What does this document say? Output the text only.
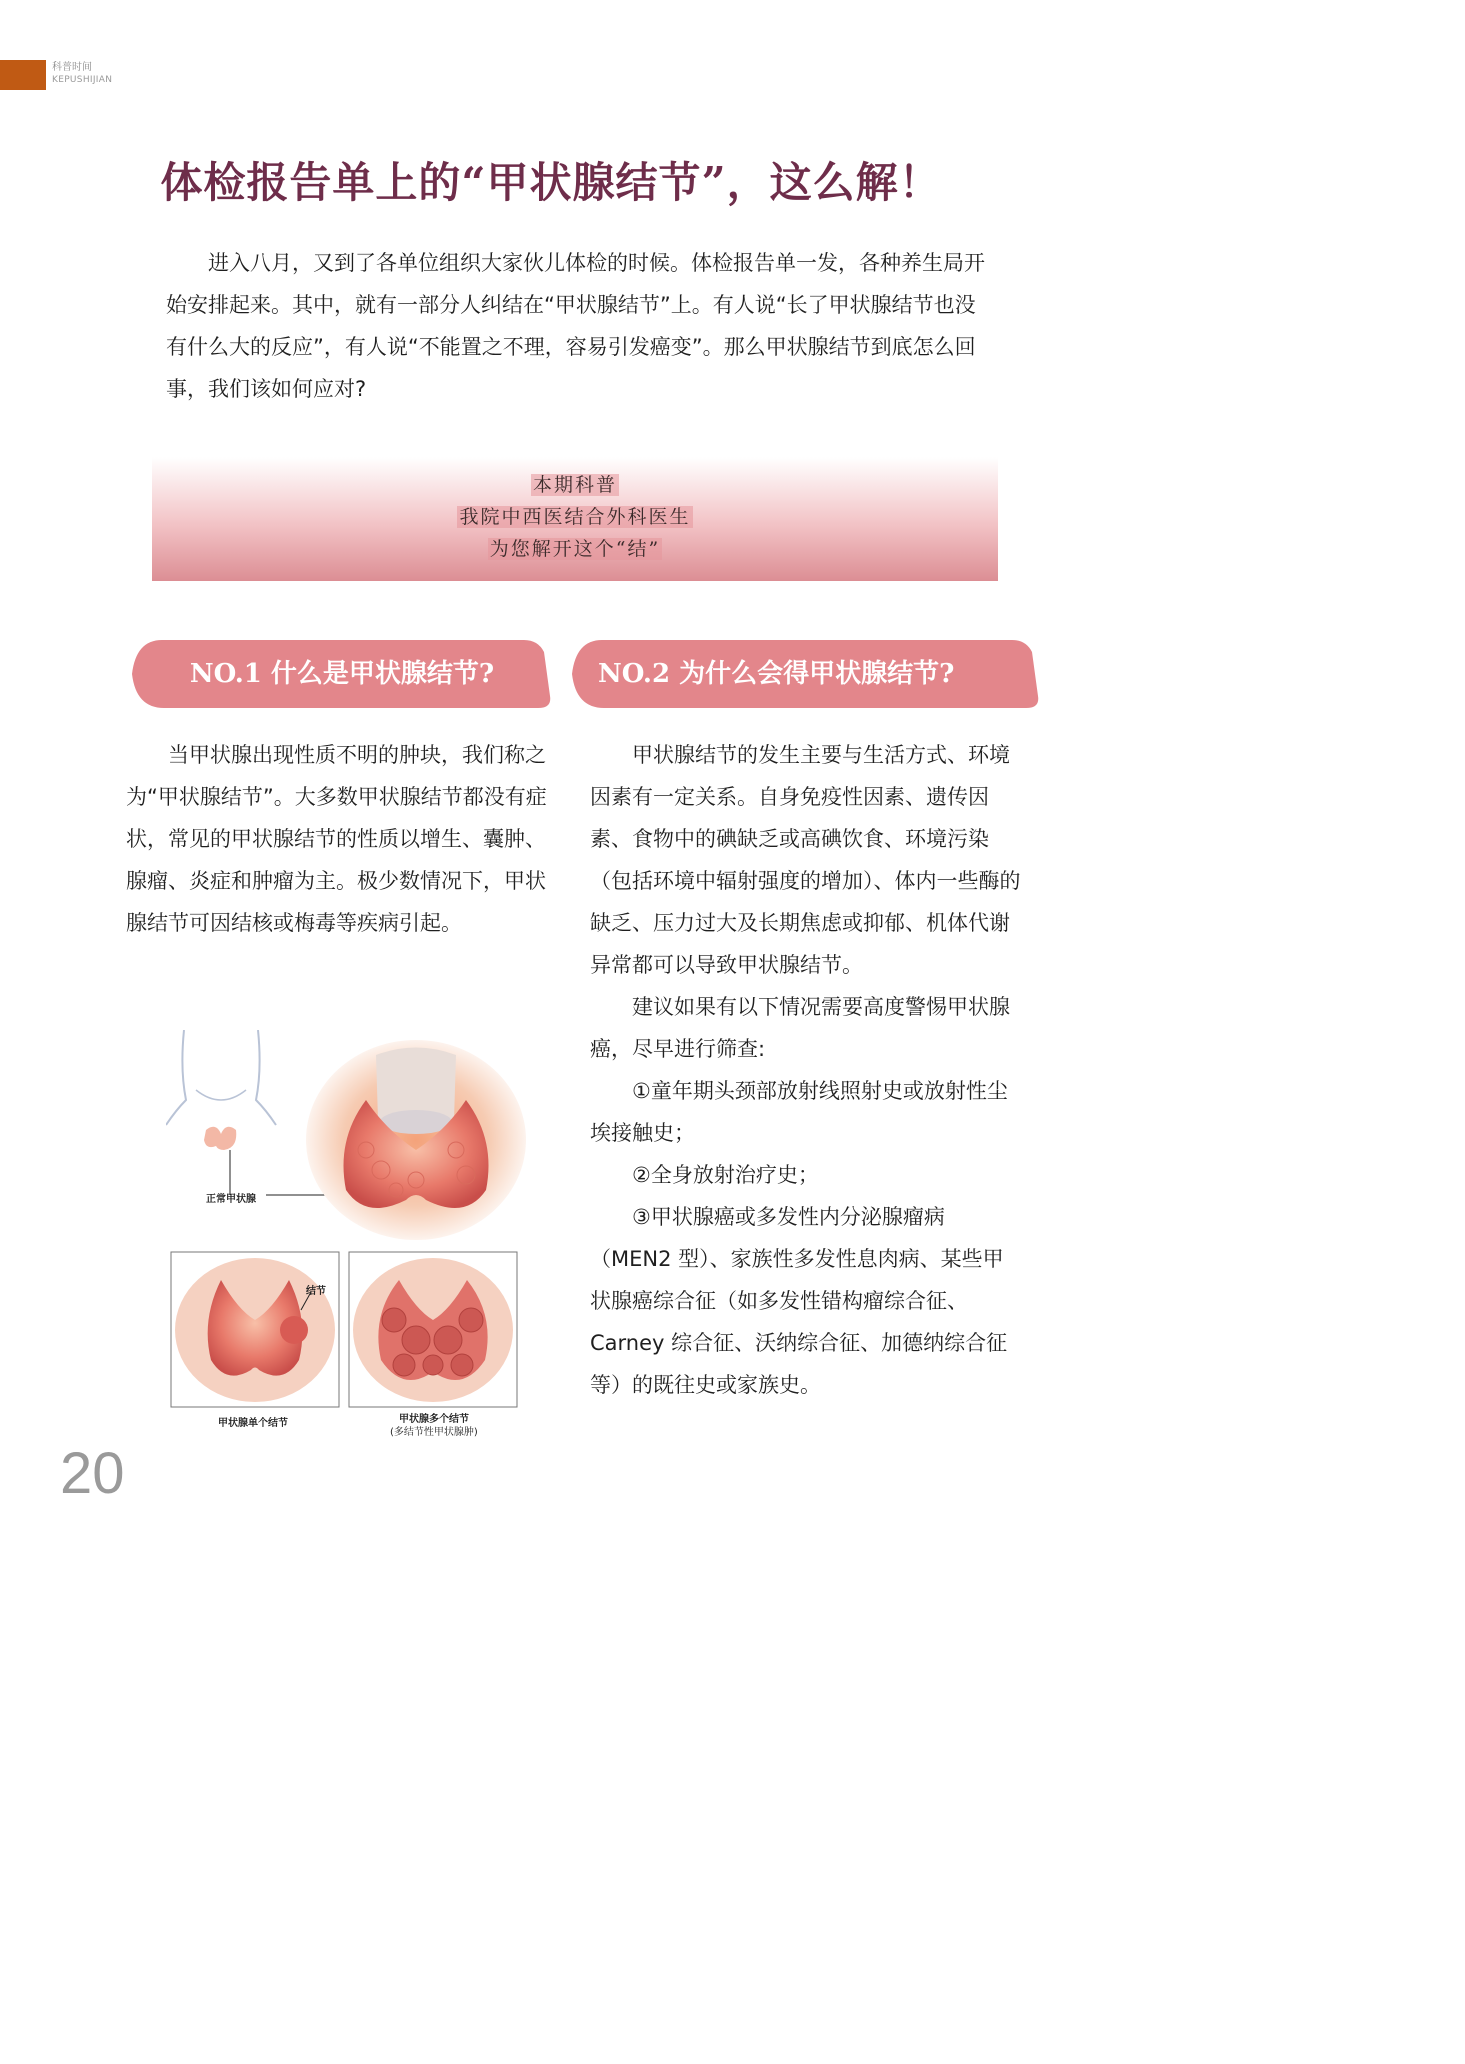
科普时间
KEPUSHIJIAN
体检报告单上的“甲状腺结节”，这么解！

进入八月，又到了各单位组织大家伙儿体检的时候。体检报告单一发，各种养生局开始安排起来。其中，就有一部分人纠结在“甲状腺结节”上。有人说“长了甲状腺结节也没有什么大的反应”，有人说“不能置之不理，容易引发癌变”。那么甲状腺结节到底怎么回事，我们该如何应对?

本期科普
我院中西医结合外科医生
为您解开这个“结”
NO.1 什么是甲状腺结节?	NO.2 为什么会得甲状腺结节?

当甲状腺出现性质不明的肿块，我们称之为“甲状腺结节”。大多数甲状腺结节都没有症状，常见的甲状腺结节的性质以增生、囊肿、腺瘤、炎症和肿瘤为主。极少数情况下，甲状腺结节可因结核或梅毒等疾病引起。

甲状腺结节的发生主要与生活方式、环境因素有一定关系。自身免疫性因素、遗传因素、食物中的碘缺乏或高碘饮食、环境污染（包括环境中辐射强度的增加）、体内一些酶的缺乏、压力过大及长期焦虑或抑郁、机体代谢异常都可以导致甲状腺结节。

建议如果有以下情况需要高度警惕甲状腺癌，尽早进行筛查:

①童年期头颈部放射线照射史或放射性尘埃接触史；

②全身放射治疗史；

③甲状腺癌或多发性内分泌腺瘤病（MEN2 型）、家族性多发性息肉病、某些甲状腺癌综合征（如多发性错构瘤综合征、Carney 综合征、沃纳综合征、加德纳综合征等）的既往史或家族史。

正常甲状腺
结节
甲状腺单个结节	甲状腺多个结节
(多结节性甲状腺肿)
20
